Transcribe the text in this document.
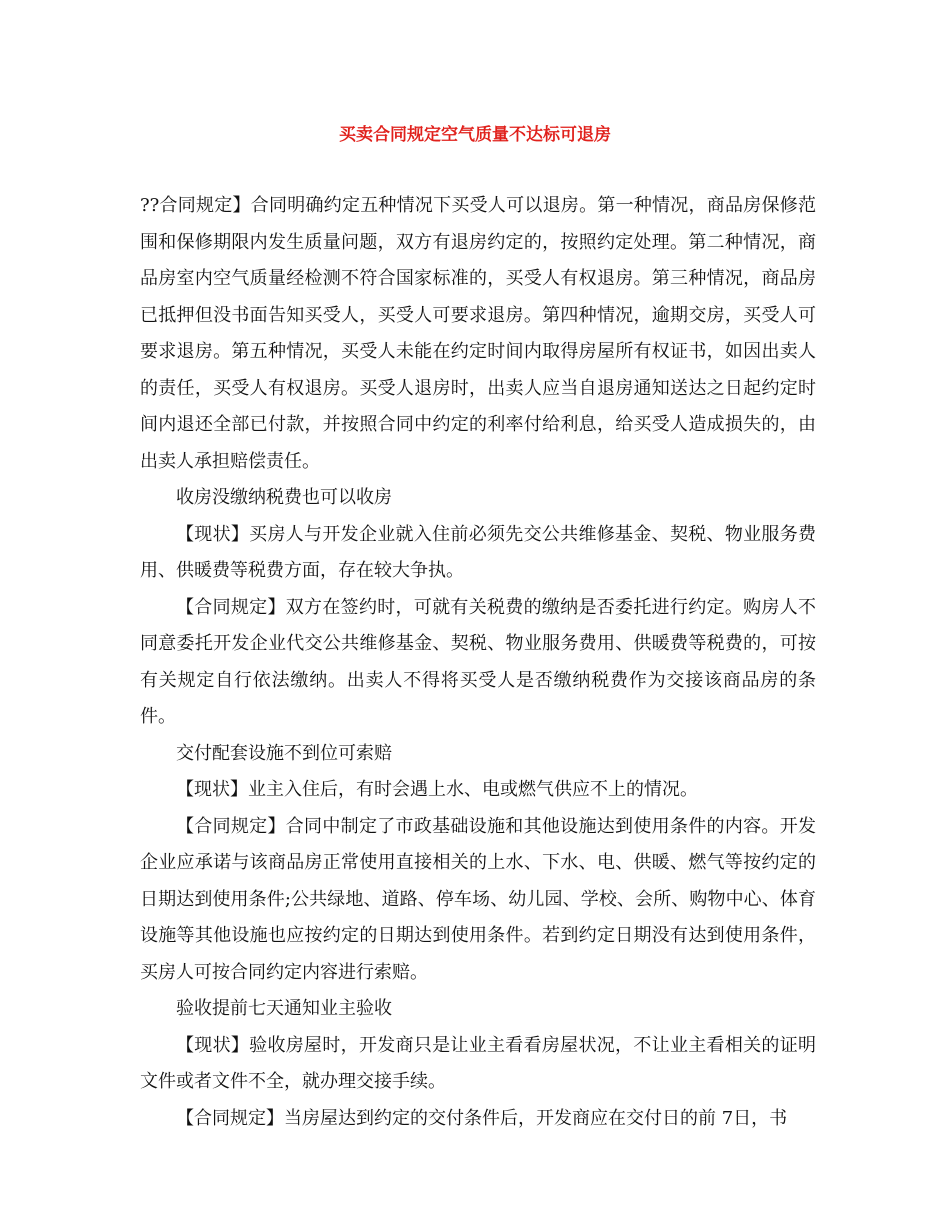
买卖合同规定空气质量不达标可退房

??合同规定】合同明确约定五种情况下买受人可以退房。第一种情况，商品房保修范围和保修期限内发生质量问题，双方有退房约定的，按照约定处理。第二种情况，商品房室内空气质量经检测不符合国家标准的，买受人有权退房。第三种情况，商品房已抵押但没书面告知买受人，买受人可要求退房。第四种情况，逾期交房，买受人可要求退房。第五种情况，买受人未能在约定时间内取得房屋所有权证书，如因出卖人的责任，买受人有权退房。买受人退房时，出卖人应当自退房通知送达之日起约定时间内退还全部已付款，并按照合同中约定的利率付给利息，给买受人造成损失的，由出卖人承担赔偿责任。

收房没缴纳税费也可以收房

【现状】买房人与开发企业就入住前必须先交公共维修基金、契税、物业服务费用、供暖费等税费方面，存在较大争执。

【合同规定】双方在签约时，可就有关税费的缴纳是否委托进行约定。购房人不同意委托开发企业代交公共维修基金、契税、物业服务费用、供暖费等税费的，可按有关规定自行依法缴纳。出卖人不得将买受人是否缴纳税费作为交接该商品房的条件。

交付配套设施不到位可索赔

【现状】业主入住后，有时会遇上水、电或燃气供应不上的情况。

【合同规定】合同中制定了市政基础设施和其他设施达到使用条件的内容。开发企业应承诺与该商品房正常使用直接相关的上水、下水、电、供暖、燃气等按约定的日期达到使用条件;公共绿地、道路、停车场、幼儿园、学校、会所、购物中心、体育设施等其他设施也应按约定的日期达到使用条件。若到约定日期没有达到使用条件，买房人可按合同约定内容进行索赔。

验收提前七天通知业主验收

【现状】验收房屋时，开发商只是让业主看看房屋状况，不让业主看相关的证明文件或者文件不全，就办理交接手续。

【合同规定】当房屋达到约定的交付条件后，开发商应在交付日的前 7日，书
